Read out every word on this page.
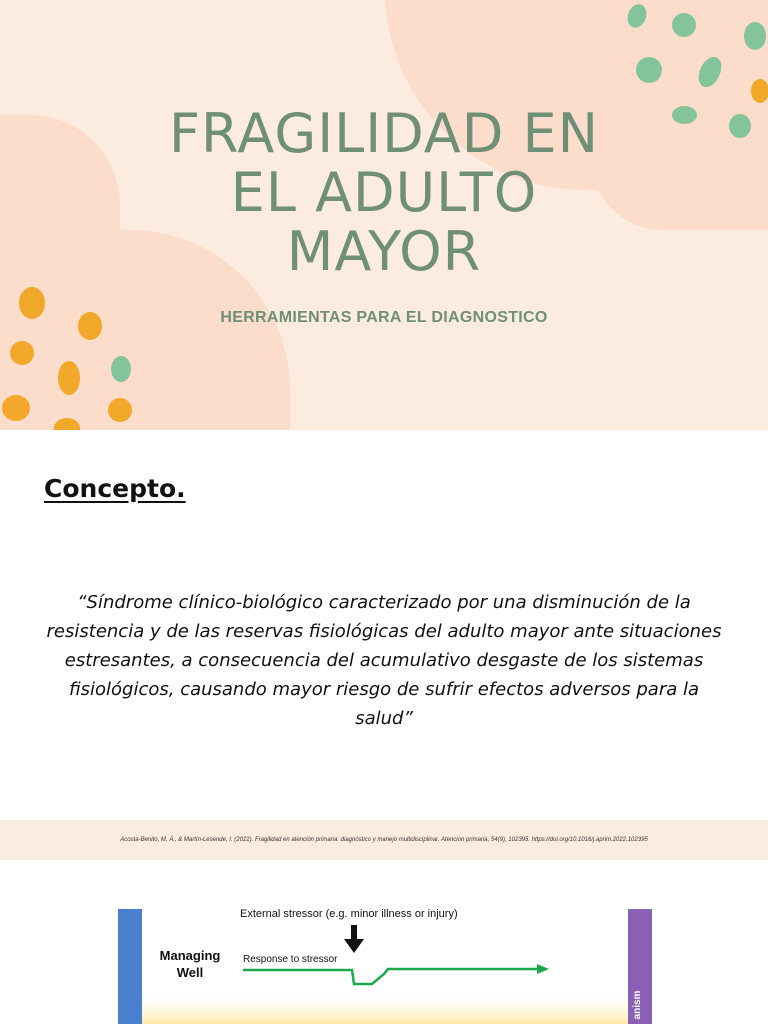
FRAGILIDAD EN
EL ADULTO
MAYOR

HERRAMIENTAS PARA EL DIAGNOSTICO

Concepto.

“Síndrome clínico-biológico caracterizado por una disminución de la resistencia y de las reservas fisiológicas del adulto mayor ante situaciones estresantes, a consecuencia del acumulativo desgaste de los sistemas fisiológicos, causando mayor riesgo de sufrir efectos adversos para la salud”

Acosta-Benito, M. Á., & Martín-Lesende, I. (2022). Fragilidad en atención primaria: diagnóstico y manejo multidisciplinar. Atencion primaria, 54(9), 102395. https://doi.org/10.1016/j.aprim.2022.102395
External stressor (e.g. minor illness or injury)
Managing Well
Response to stressor
anism
